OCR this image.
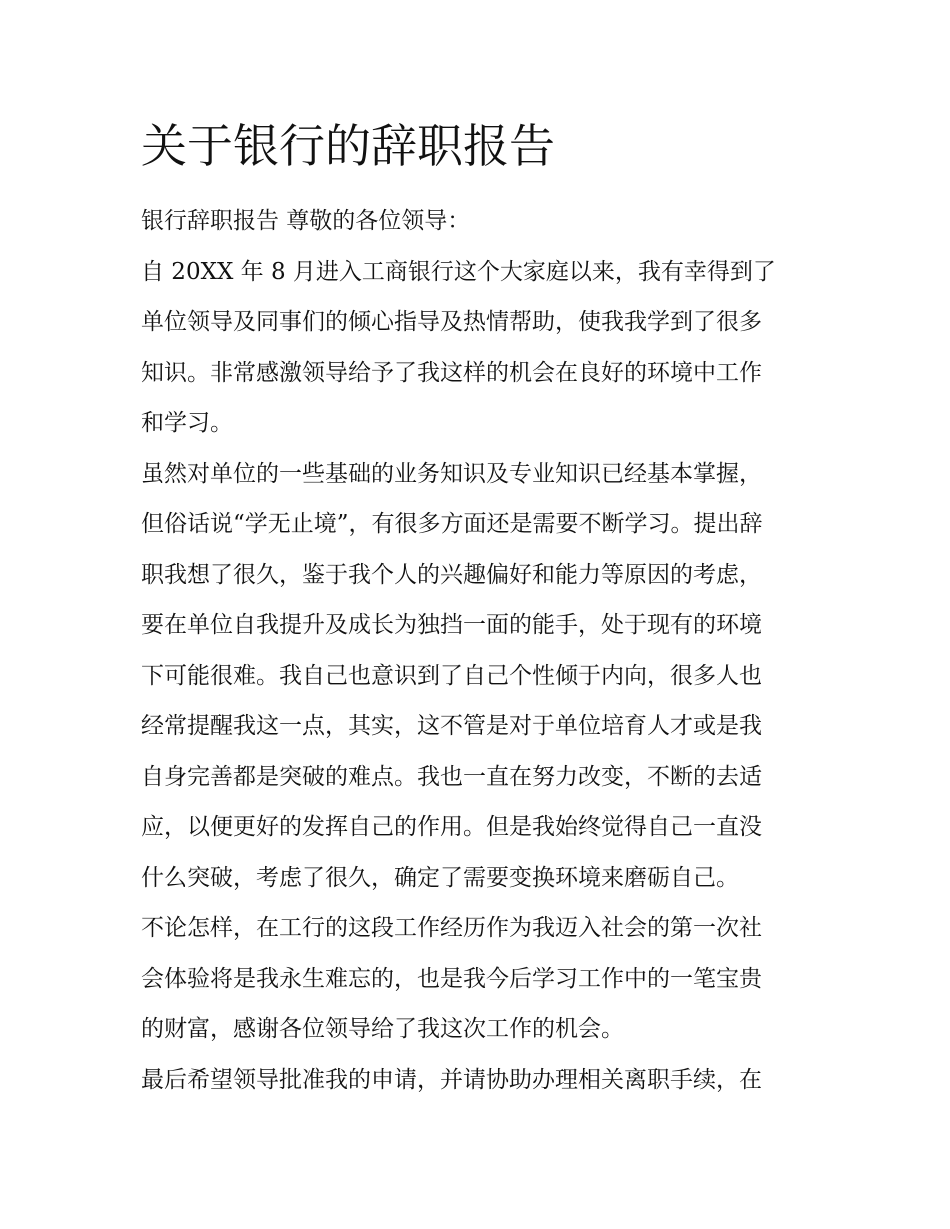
关于银行的辞职报告
银行辞职报告 尊敬的各位领导：
自 20XX 年 8 月进入工商银行这个大家庭以来，我有幸得到了
单位领导及同事们的倾心指导及热情帮助，使我我学到了很多
知识。非常感激领导给予了我这样的机会在良好的环境中工作
和学习。
虽然对单位的一些基础的业务知识及专业知识已经基本掌握，
但俗话说“学无止境”，有很多方面还是需要不断学习。提出辞
职我想了很久，鉴于我个人的兴趣偏好和能力等原因的考虑，
要在单位自我提升及成长为独挡一面的能手，处于现有的环境
下可能很难。我自己也意识到了自己个性倾于内向，很多人也
经常提醒我这一点，其实，这不管是对于单位培育人才或是我
自身完善都是突破的难点。我也一直在努力改变，不断的去适
应，以便更好的发挥自己的作用。但是我始终觉得自己一直没
什么突破，考虑了很久，确定了需要变换环境来磨砺自己。
不论怎样，在工行的这段工作经历作为我迈入社会的第一次社
会体验将是我永生难忘的，也是我今后学习工作中的一笔宝贵
的财富，感谢各位领导给了我这次工作的机会。
最后希望领导批准我的申请，并请协助办理相关离职手续，在
